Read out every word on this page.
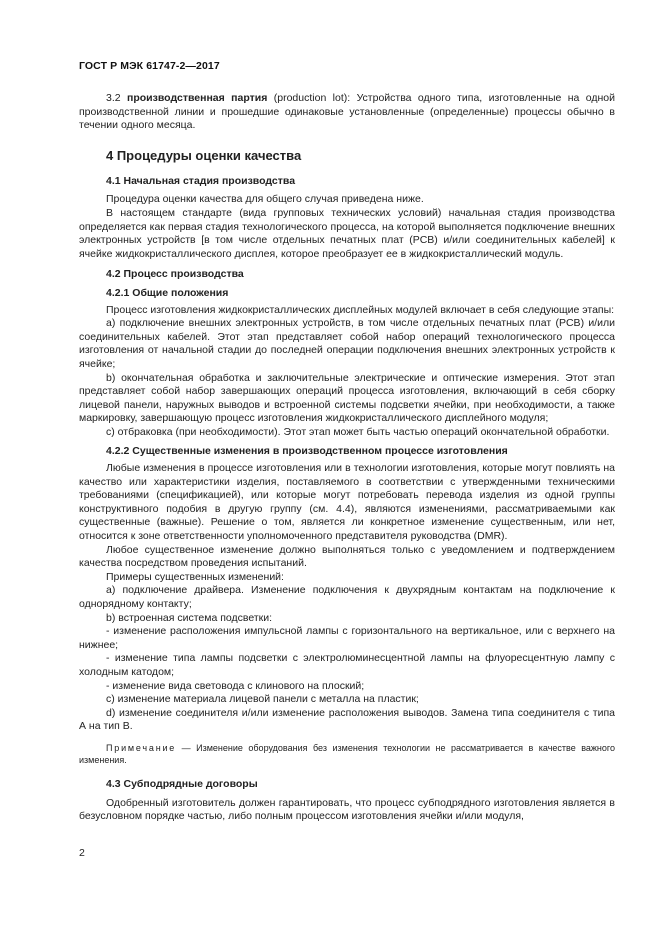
ГОСТ Р МЭК 61747-2—2017

3.2 производственная партия (production lot): Устройства одного типа, изготовленные на одной производственной линии и прошедшие одинаковые установленные (определенные) процессы обычно в течении одного месяца.

4 Процедуры оценки качества
4.1 Начальная стадия производства

Процедура оценки качества для общего случая приведена ниже.

В настоящем стандарте (вида групповых технических условий) начальная стадия производства определяется как первая стадия технологического процесса, на которой выполняется подключение внешних электронных устройств [в том числе отдельных печатных плат (PCB) и/или соединительных кабелей] к ячейке жидкокристаллического дисплея, которое преобразует ее в жидкокристаллический модуль.

4.2 Процесс производства
4.2.1 Общие положения

Процесс изготовления жидкокристаллических дисплейных модулей включает в себя следующие этапы:

a) подключение внешних электронных устройств, в том числе отдельных печатных плат (PCB) и/или соединительных кабелей. Этот этап представляет собой набор операций технологического процесса изготовления от начальной стадии до последней операции подключения внешних электронных устройств к ячейке;

b) окончательная обработка и заключительные электрические и оптические измерения. Этот этап представляет собой набор завершающих операций процесса изготовления, включающий в себя сборку лицевой панели, наружных выводов и встроенной системы подсветки ячейки, при необходимости, а также маркировку, завершающую процесс изготовления жидкокристаллического дисплейного модуля;

c) отбраковка (при необходимости). Этот этап может быть частью операций окончательной обработки.

4.2.2 Существенные изменения в производственном процессе изготовления

Любые изменения в процессе изготовления или в технологии изготовления, которые могут повлиять на качество или характеристики изделия, поставляемого в соответствии с утвержденными техническими требованиями (спецификацией), или которые могут потребовать перевода изделия из одной группы конструктивного подобия в другую группу (см. 4.4), являются изменениями, рассматриваемыми как существенные (важные). Решение о том, является ли конкретное изменение существенным, или нет, относится к зоне ответственности уполномоченного представителя руководства (DMR).

Любое существенное изменение должно выполняться только с уведомлением и подтверждением качества посредством проведения испытаний.

Примеры существенных изменений:

a) подключение драйвера. Изменение подключения к двухрядным контактам на подключение к однорядному контакту;

b) встроенная система подсветки:

- изменение расположения импульсной лампы с горизонтального на вертикальное, или с верхнего на нижнее;

- изменение типа лампы подсветки с электролюминесцентной лампы на флуоресцентную лампу с холодным катодом;

- изменение вида световода с клинового на плоский;

c) изменение материала лицевой панели с металла на пластик;

d) изменение соединителя и/или изменение расположения выводов. Замена типа соединителя с типа А на тип В.

Примечание — Изменение оборудования без изменения технологии не рассматривается в качестве важного изменения.

4.3 Субподрядные договоры

Одобренный изготовитель должен гарантировать, что процесс субподрядного изготовления является в безусловном порядке частью, либо полным процессом изготовления ячейки и/или модуля,

2
